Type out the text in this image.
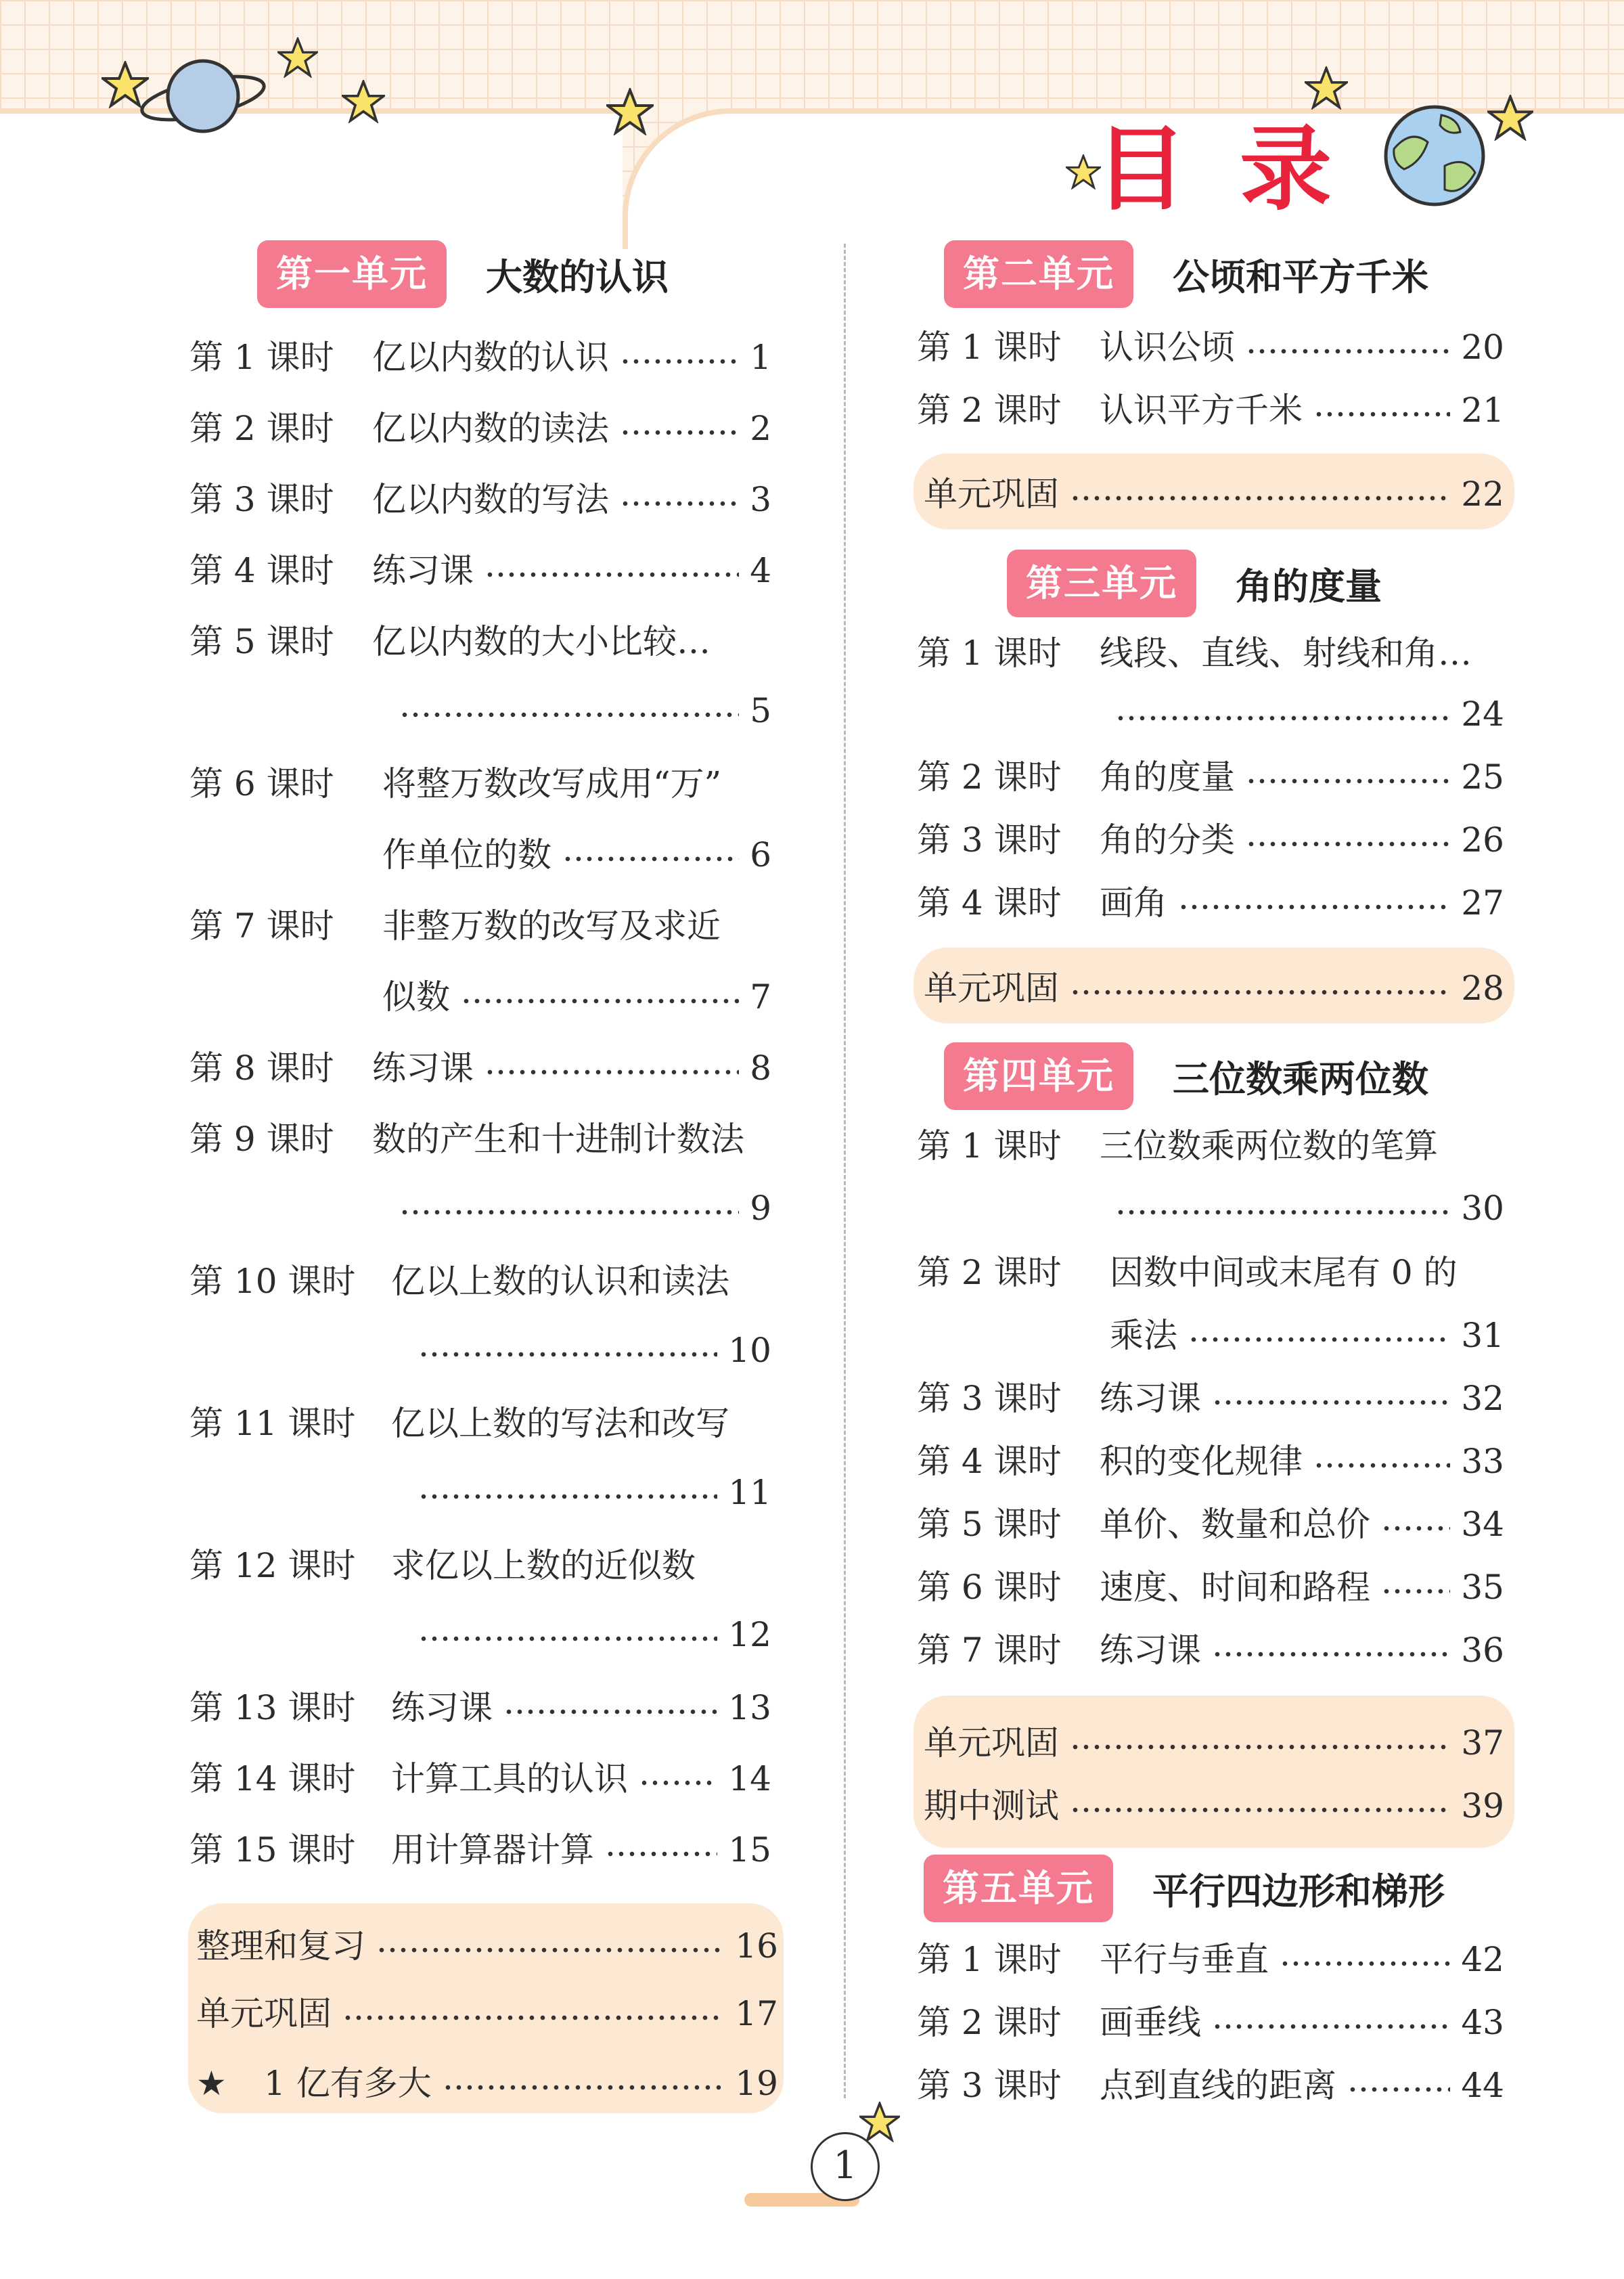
目 录
第一单元	大数的认识
第 1 课时	亿以内数的认识	1
第 2 课时	亿以内数的读法	2
第 3 课时	亿以内数的写法	3
第 4 课时	练习课	4
第 5 课时	亿以内数的大小比较…
5
第 6 课时	将整万数改写成用“万”
作单位的数	6
第 7 课时	非整万数的改写及求近
似数	7
第 8 课时	练习课	8
第 9 课时	数的产生和十进制计数法
9
第 10 课时	亿以上数的认识和读法
10
第 11 课时	亿以上数的写法和改写
11
第 12 课时	求亿以上数的近似数
12
第 13 课时	练习课	13
第 14 课时	计算工具的认识	14
第 15 课时	用计算器计算	15
整理和复习	16
单元巩固	17
★	1 亿有多大	19
第二单元	公顷和平方千米
第 1 课时	认识公顷	20
第 2 课时	认识平方千米	21
单元巩固	22
第三单元	角的度量
第 1 课时	线段、直线、射线和角…
24
第 2 课时	角的度量	25
第 3 课时	角的分类	26
第 4 课时	画角	27
单元巩固	28
第四单元	三位数乘两位数
第 1 课时	三位数乘两位数的笔算
30
第 2 课时	因数中间或末尾有 0 的
乘法	31
第 3 课时	练习课	32
第 4 课时	积的变化规律	33
第 5 课时	单价、数量和总价	34
第 6 课时	速度、时间和路程	35
第 7 课时	练习课	36
单元巩固	37
期中测试	39
第五单元	平行四边形和梯形
第 1 课时	平行与垂直	42
第 2 课时	画垂线	43
第 3 课时	点到直线的距离	44
1
